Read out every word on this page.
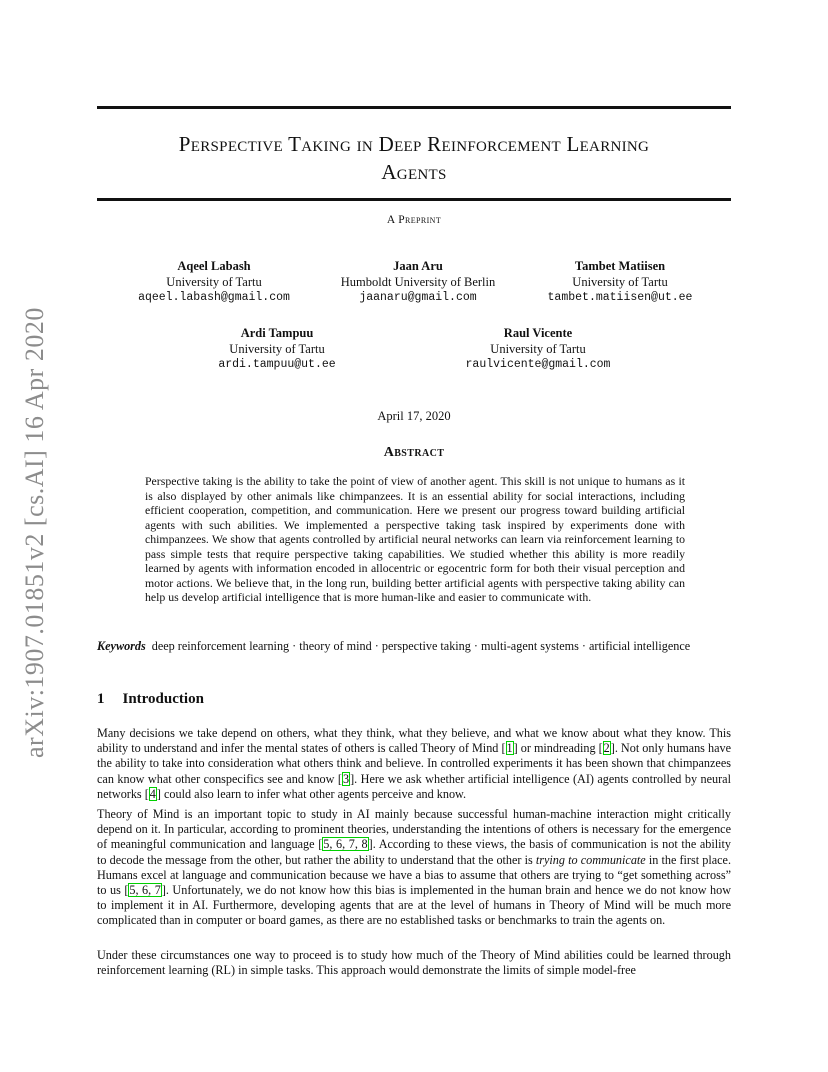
arXiv:1907.01851v2 [cs.AI] 16 Apr 2020
Perspective Taking in Deep Reinforcement Learning
Agents
A Preprint
Aqeel Labash
University of Tartu
aqeel.labash@gmail.com
Jaan Aru
Humboldt University of Berlin
jaanaru@gmail.com
Tambet Matiisen
University of Tartu
tambet.matiisen@ut.ee
Ardi Tampuu
University of Tartu
ardi.tampuu@ut.ee
Raul Vicente
University of Tartu
raulvicente@gmail.com
April 17, 2020
Abstract
Perspective taking is the ability to take the point of view of another agent. This skill is not unique to humans as it is also displayed by other animals like chimpanzees. It is an essential ability for social interactions, including efficient cooperation, competition, and communication. Here we present our progress toward building artificial agents with such abilities. We implemented a perspective taking task inspired by experiments done with chimpanzees. We show that agents controlled by artificial neural networks can learn via reinforcement learning to pass simple tests that require perspective taking capabilities. We studied whether this ability is more readily learned by agents with information encoded in allocentric or egocentric form for both their visual perception and motor actions. We believe that, in the long run, building better artificial agents with perspective taking ability can help us develop artificial intelligence that is more human-like and easier to communicate with.
Keywords deep reinforcement learning · theory of mind · perspective taking · multi-agent systems · artificial intelligence
1 Introduction
Many decisions we take depend on others, what they think, what they believe, and what we know about what they know. This ability to understand and infer the mental states of others is called Theory of Mind [1] or mindreading [2]. Not only humans have the ability to take into consideration what others think and believe. In controlled experiments it has been shown that chimpanzees can know what other conspecifics see and know [3]. Here we ask whether artificial intelligence (AI) agents controlled by neural networks [4] could also learn to infer what other agents perceive and know.
Theory of Mind is an important topic to study in AI mainly because successful human-machine interaction might critically depend on it. In particular, according to prominent theories, understanding the intentions of others is necessary for the emergence of meaningful communication and language [5, 6, 7, 8]. According to these views, the basis of communication is not the ability to decode the message from the other, but rather the ability to understand that the other is trying to communicate in the first place. Humans excel at language and communication because we have a bias to assume that others are trying to “get something across” to us [5, 6, 7]. Unfortunately, we do not know how this bias is implemented in the human brain and hence we do not know how to implement it in AI. Furthermore, developing agents that are at the level of humans in Theory of Mind will be much more complicated than in computer or board games, as there are no established tasks or benchmarks to train the agents on.
Under these circumstances one way to proceed is to study how much of the Theory of Mind abilities could be learned through reinforcement learning (RL) in simple tasks. This approach would demonstrate the limits of simple model-free
